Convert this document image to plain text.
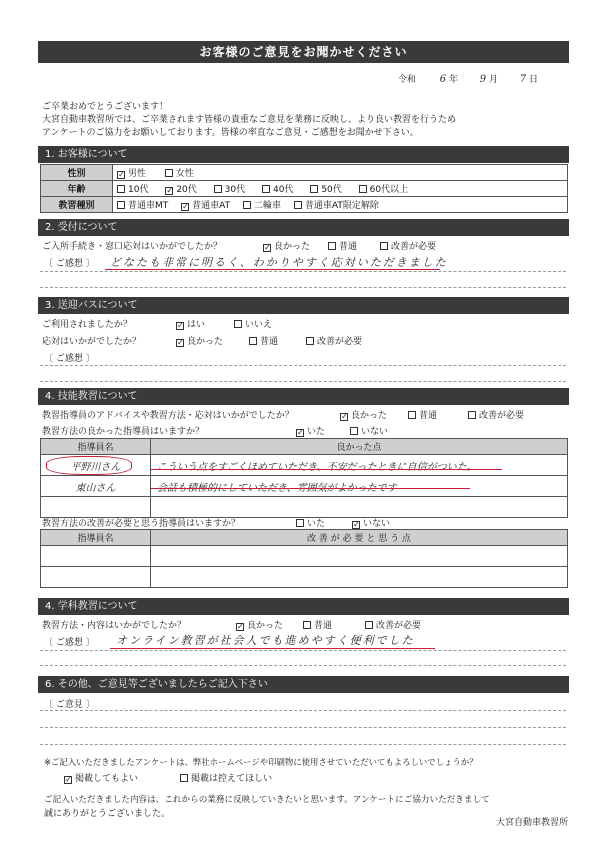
お客様のご意見をお聞かせください
令和 6 年 9 月 7 日
ご卒業おめでとうございます！
大宮自動車教習所では、ご卒業されます皆様の貴重なご意見を業務に反映し、より良い教習を行うため
アンケートのご協力をお願いしております。皆様の率直なご意見・ご感想をお聞かせ下さい。
1. お客様について
性別	✓ 男性 女性
年齢	10代 ✓ 20代 30代 40代 50代 60代以上
教習種別	普通車MT ✓ 普通車AT 二輪車 普通車AT限定解除
2. 受付について
ご入所手続き・窓口応対はいかがでしたか？	✓ 良かった	普通	改善が必要
〔 ご感想 〕 どなたも非常に明るく、わかりやすく応対いただきました
3. 送迎バスについて
ご利用されましたか？	✓ はい	いいえ
応対はいかがでしたか？	✓ 良かった	普通	改善が必要
〔 ご感想 〕
4. 技能教習について
教習指導員のアドバイスや教習方法・応対はいかがでしたか？	✓ 良かった	普通	改善が必要
教習方法の良かった指導員はいますか？	✓ いた	いない
指導員名	良かった点
平野川さん	こういう点をすごくほめていただき、不安だったときに自信がついた。
東山さん	会話も積極的にしていただき、雰囲気がよかったです

教習方法の改善が必要と思う指導員はいますか？	いた	✓ いない
指導員名	改 善 が 必 要 と 思 う 点

4. 学科教習について
教習方法・内容はいかがでしたか？	✓ 良かった	普通	改善が必要
〔 ご感想 〕 オンライン教習が社会人でも進めやすく便利でした
6. その他、ご意見等ございましたらご記入下さい
〔 ご意見 〕
※ご記入いただきましたアンケートは、弊社ホームページや印刷物に使用させていただいてもよろしいでしょうか？
✓ 掲載してもよい	掲載は控えてほしい
ご記入いただきました内容は、これからの業務に反映していきたいと思います。アンケートにご協力いただきまして
誠にありがとうございました。
大宮自動車教習所
